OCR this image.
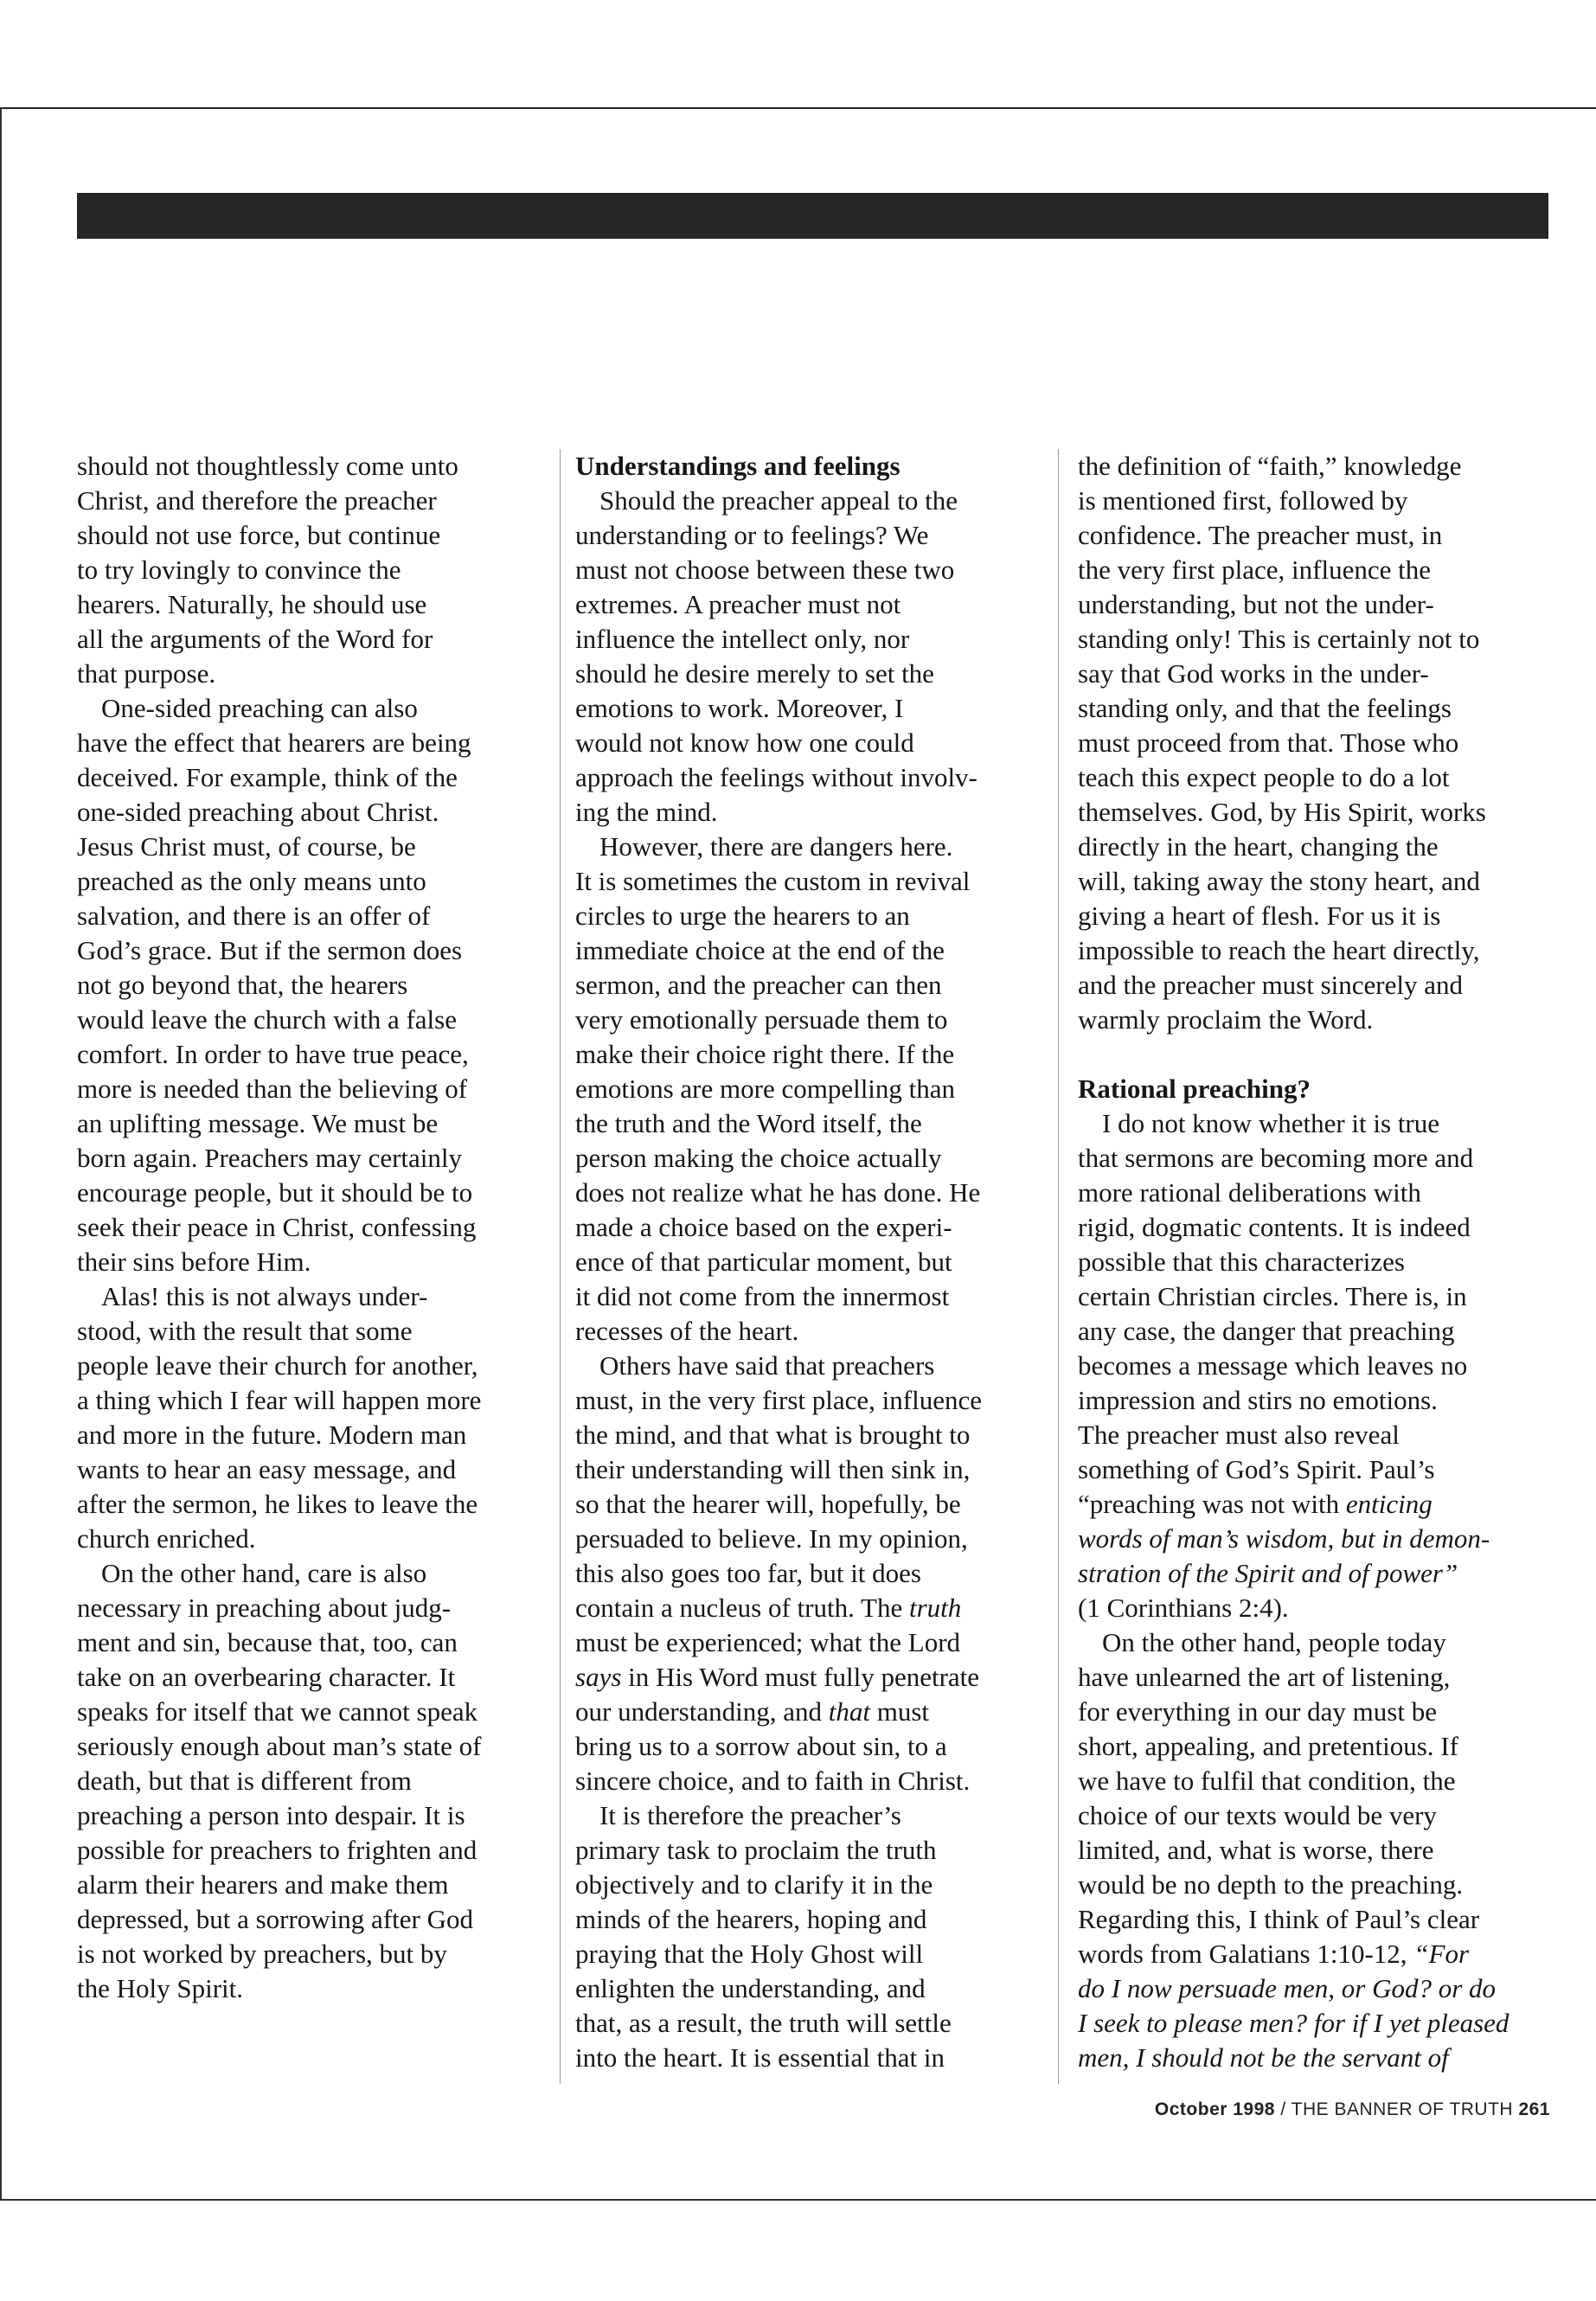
should not thoughtlessly come unto
Christ, and therefore the preacher
should not use force, but continue
to try lovingly to convince the
hearers. Naturally, he should use
all the arguments of the Word for
that purpose.
One-sided preaching can also
have the effect that hearers are being
deceived. For example, think of the
one-sided preaching about Christ.
Jesus Christ must, of course, be
preached as the only means unto
salvation, and there is an offer of
God’s grace. But if the sermon does
not go beyond that, the hearers
would leave the church with a false
comfort. In order to have true peace,
more is needed than the believing of
an uplifting message. We must be
born again. Preachers may certainly
encourage people, but it should be to
seek their peace in Christ, confessing
their sins before Him.
Alas! this is not always under-
stood, with the result that some
people leave their church for another,
a thing which I fear will happen more
and more in the future. Modern man
wants to hear an easy message, and
after the sermon, he likes to leave the
church enriched.
On the other hand, care is also
necessary in preaching about judg-
ment and sin, because that, too, can
take on an overbearing character. It
speaks for itself that we cannot speak
seriously enough about man’s state of
death, but that is different from
preaching a person into despair. It is
possible for preachers to frighten and
alarm their hearers and make them
depressed, but a sorrowing after God
is not worked by preachers, but by
the Holy Spirit.
Understandings and feelings
Should the preacher appeal to the
understanding or to feelings? We
must not choose between these two
extremes. A preacher must not
influence the intellect only, nor
should he desire merely to set the
emotions to work. Moreover, I
would not know how one could
approach the feelings without involv-
ing the mind.
However, there are dangers here.
It is sometimes the custom in revival
circles to urge the hearers to an
immediate choice at the end of the
sermon, and the preacher can then
very emotionally persuade them to
make their choice right there. If the
emotions are more compelling than
the truth and the Word itself, the
person making the choice actually
does not realize what he has done. He
made a choice based on the experi-
ence of that particular moment, but
it did not come from the innermost
recesses of the heart.
Others have said that preachers
must, in the very first place, influence
the mind, and that what is brought to
their understanding will then sink in,
so that the hearer will, hopefully, be
persuaded to believe. In my opinion,
this also goes too far, but it does
contain a nucleus of truth. The truth
must be experienced; what the Lord
says in His Word must fully penetrate
our understanding, and that must
bring us to a sorrow about sin, to a
sincere choice, and to faith in Christ.
It is therefore the preacher’s
primary task to proclaim the truth
objectively and to clarify it in the
minds of the hearers, hoping and
praying that the Holy Ghost will
enlighten the understanding, and
that, as a result, the truth will settle
into the heart. It is essential that in
the definition of “faith,” knowledge
is mentioned first, followed by
confidence. The preacher must, in
the very first place, influence the
understanding, but not the under-
standing only! This is certainly not to
say that God works in the under-
standing only, and that the feelings
must proceed from that. Those who
teach this expect people to do a lot
themselves. God, by His Spirit, works
directly in the heart, changing the
will, taking away the stony heart, and
giving a heart of flesh. For us it is
impossible to reach the heart directly,
and the preacher must sincerely and
warmly proclaim the Word.
Rational preaching?
I do not know whether it is true
that sermons are becoming more and
more rational deliberations with
rigid, dogmatic contents. It is indeed
possible that this characterizes
certain Christian circles. There is, in
any case, the danger that preaching
becomes a message which leaves no
impression and stirs no emotions.
The preacher must also reveal
something of God’s Spirit. Paul’s
“preaching was not with enticing
words of man’s wisdom, but in demon-
stration of the Spirit and of power”
(1 Corinthians 2:4).
On the other hand, people today
have unlearned the art of listening,
for everything in our day must be
short, appealing, and pretentious. If
we have to fulfil that condition, the
choice of our texts would be very
limited, and, what is worse, there
would be no depth to the preaching.
Regarding this, I think of Paul’s clear
words from Galatians 1:10-12, “For
do I now persuade men, or God? or do
I seek to please men? for if I yet pleased
men, I should not be the servant of
October 1998 / THE BANNER OF TRUTH 261
